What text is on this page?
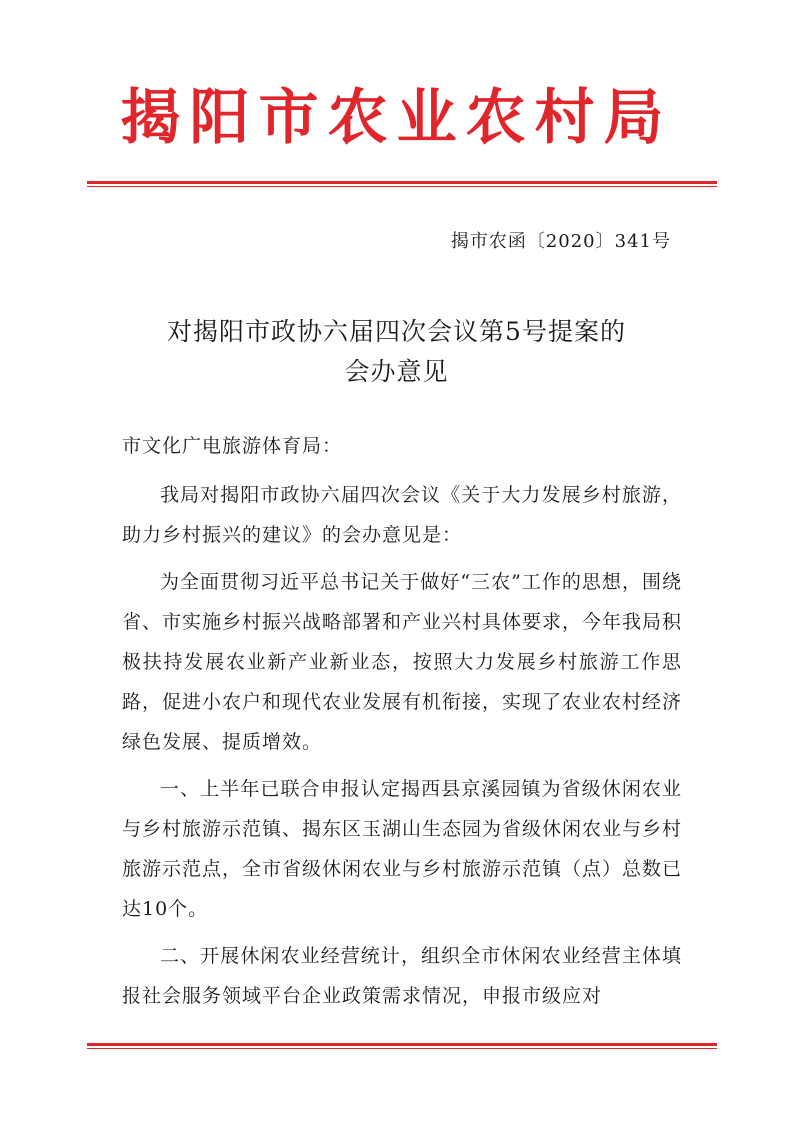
揭阳市农业农村局
揭市农函〔2020〕341号
对揭阳市政协六届四次会议第5号提案的
会办意见
市文化广电旅游体育局：

我局对揭阳市政协六届四次会议《关于大力发展乡村旅游，助力乡村振兴的建议》的会办意见是：

为全面贯彻习近平总书记关于做好“三农”工作的思想，围绕省、市实施乡村振兴战略部署和产业兴村具体要求，今年我局积极扶持发展农业新产业新业态，按照大力发展乡村旅游工作思路，促进小农户和现代农业发展有机衔接，实现了农业农村经济绿色发展、提质增效。

一、上半年已联合申报认定揭西县京溪园镇为省级休闲农业与乡村旅游示范镇、揭东区玉湖山生态园为省级休闲农业与乡村旅游示范点，全市省级休闲农业与乡村旅游示范镇（点）总数已达10个。

二、开展休闲农业经营统计，组织全市休闲农业经营主体填报社会服务领域平台企业政策需求情况，申报市级应对
